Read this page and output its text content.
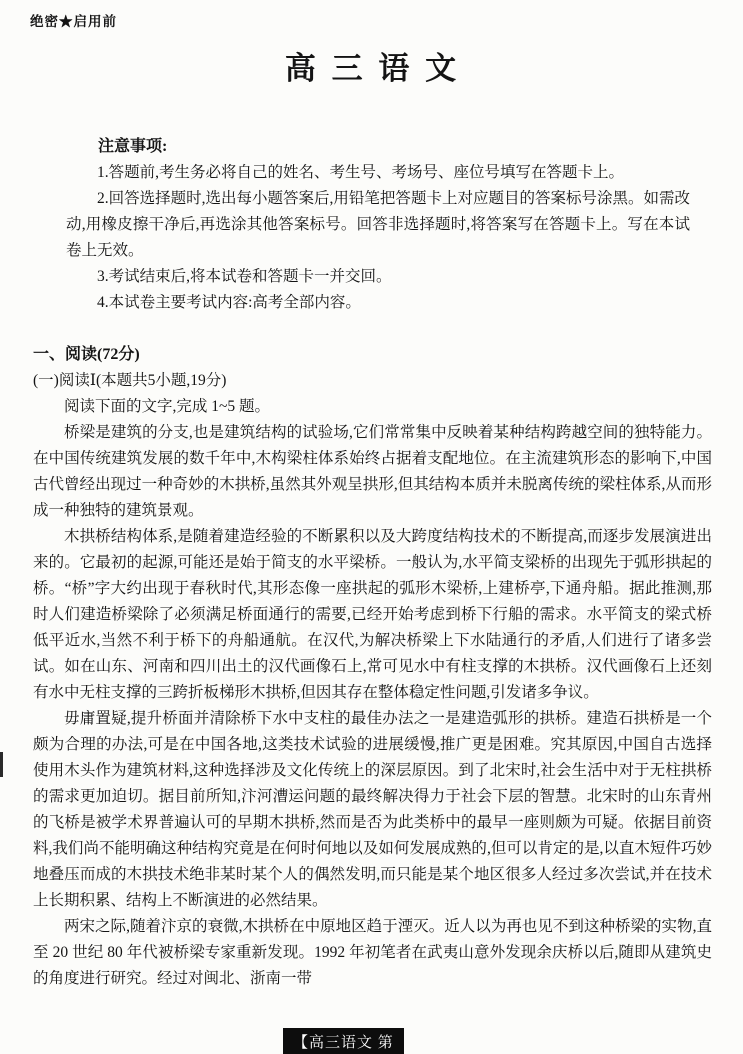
绝密★启用前
高 三 语 文

注意事项:

1.答题前,考生务必将自己的姓名、考生号、考场号、座位号填写在答题卡上。

2.回答选择题时,选出每小题答案后,用铅笔把答题卡上对应题目的答案标号涂黑。如需改动,用橡皮擦干净后,再选涂其他答案标号。回答非选择题时,将答案写在答题卡上。写在本试卷上无效。

3.考试结束后,将本试卷和答题卡一并交回。

4.本试卷主要考试内容:高考全部内容。

一、阅读(72分)

(一)阅读Ⅰ(本题共5小题,19分)

阅读下面的文字,完成 1~5 题。

桥梁是建筑的分支,也是建筑结构的试验场,它们常常集中反映着某种结构跨越空间的独特能力。在中国传统建筑发展的数千年中,木构梁柱体系始终占据着支配地位。在主流建筑形态的影响下,中国古代曾经出现过一种奇妙的木拱桥,虽然其外观呈拱形,但其结构本质并未脱离传统的梁柱体系,从而形成一种独特的建筑景观。

木拱桥结构体系,是随着建造经验的不断累积以及大跨度结构技术的不断提高,而逐步发展演进出来的。它最初的起源,可能还是始于简支的水平梁桥。一般认为,水平简支梁桥的出现先于弧形拱起的桥。“桥”字大约出现于春秋时代,其形态像一座拱起的弧形木梁桥,上建桥亭,下通舟船。据此推测,那时人们建造桥梁除了必须满足桥面通行的需要,已经开始考虑到桥下行船的需求。水平简支的梁式桥低平近水,当然不利于桥下的舟船通航。在汉代,为解决桥梁上下水陆通行的矛盾,人们进行了诸多尝试。如在山东、河南和四川出土的汉代画像石上,常可见水中有柱支撑的木拱桥。汉代画像石上还刻有水中无柱支撑的三跨折板梯形木拱桥,但因其存在整体稳定性问题,引发诸多争议。

毋庸置疑,提升桥面并清除桥下水中支柱的最佳办法之一是建造弧形的拱桥。建造石拱桥是一个颇为合理的办法,可是在中国各地,这类技术试验的进展缓慢,推广更是困难。究其原因,中国自古选择使用木头作为建筑材料,这种选择涉及文化传统上的深层原因。到了北宋时,社会生活中对于无柱拱桥的需求更加迫切。据目前所知,汴河漕运问题的最终解决得力于社会下层的智慧。北宋时的山东青州的飞桥是被学术界普遍认可的早期木拱桥,然而是否为此类桥中的最早一座则颇为可疑。依据目前资料,我们尚不能明确这种结构究竟是在何时何地以及如何发展成熟的,但可以肯定的是,以直木短件巧妙地叠压而成的木拱技术绝非某时某个人的偶然发明,而只能是某个地区很多人经过多次尝试,并在技术上长期积累、结构上不断演进的必然结果。

两宋之际,随着汴京的衰微,木拱桥在中原地区趋于湮灭。近人以为再也见不到这种桥梁的实物,直至 20 世纪 80 年代被桥梁专家重新发现。1992 年初笔者在武夷山意外发现余庆桥以后,随即从建筑史的角度进行研究。经过对闽北、浙南一带

【高三语文 第
